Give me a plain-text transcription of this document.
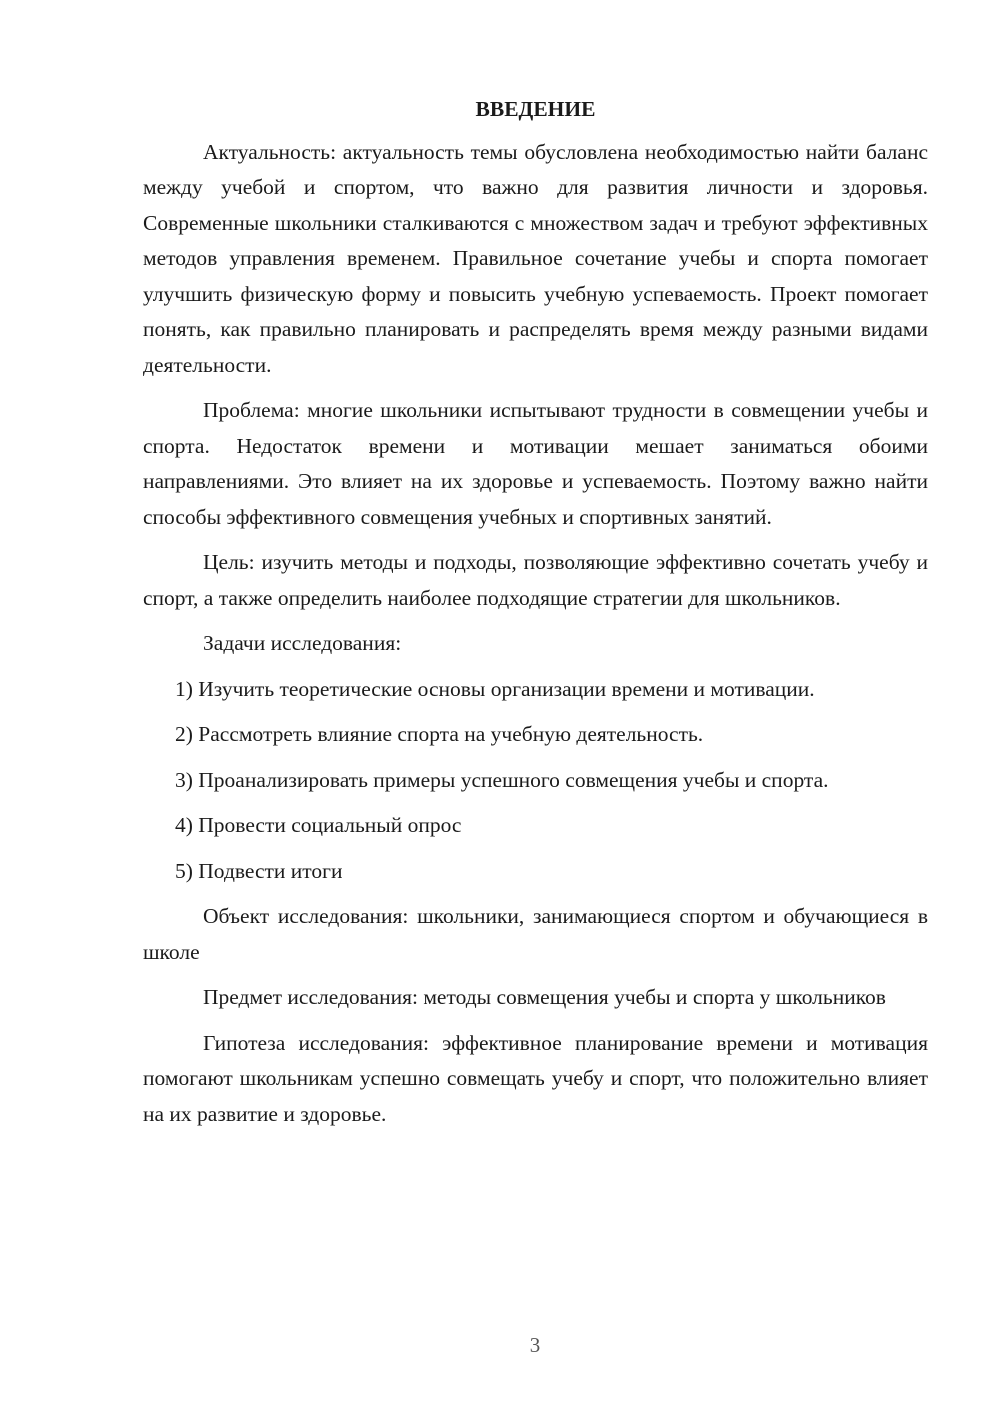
ВВЕДЕНИЕ

Актуальность: актуальность темы обусловлена необходимостью найти баланс между учебой и спортом, что важно для развития личности и здоровья. Современные школьники сталкиваются с множеством задач и требуют эффективных методов управления временем. Правильное сочетание учебы и спорта помогает улучшить физическую форму и повысить учебную успеваемость. Проект помогает понять, как правильно планировать и распределять время между разными видами деятельности.

Проблема: многие школьники испытывают трудности в совмещении учебы и спорта. Недостаток времени и мотивации мешает заниматься обоими направлениями. Это влияет на их здоровье и успеваемость. Поэтому важно найти способы эффективного совмещения учебных и спортивных занятий.

Цель: изучить методы и подходы, позволяющие эффективно сочетать учебу и спорт, а также определить наиболее подходящие стратегии для школьников.

Задачи исследования:

1) Изучить теоретические основы организации времени и мотивации.

2) Рассмотреть влияние спорта на учебную деятельность.

3) Проанализировать примеры успешного совмещения учебы и спорта.

4) Провести социальный опрос

5) Подвести итоги

Объект исследования: школьники, занимающиеся спортом и обучающиеся в школе

Предмет исследования: методы совмещения учебы и спорта у школьников

Гипотеза исследования: эффективное планирование времени и мотивация помогают школьникам успешно совмещать учебу и спорт, что положительно влияет на их развитие и здоровье.

3
